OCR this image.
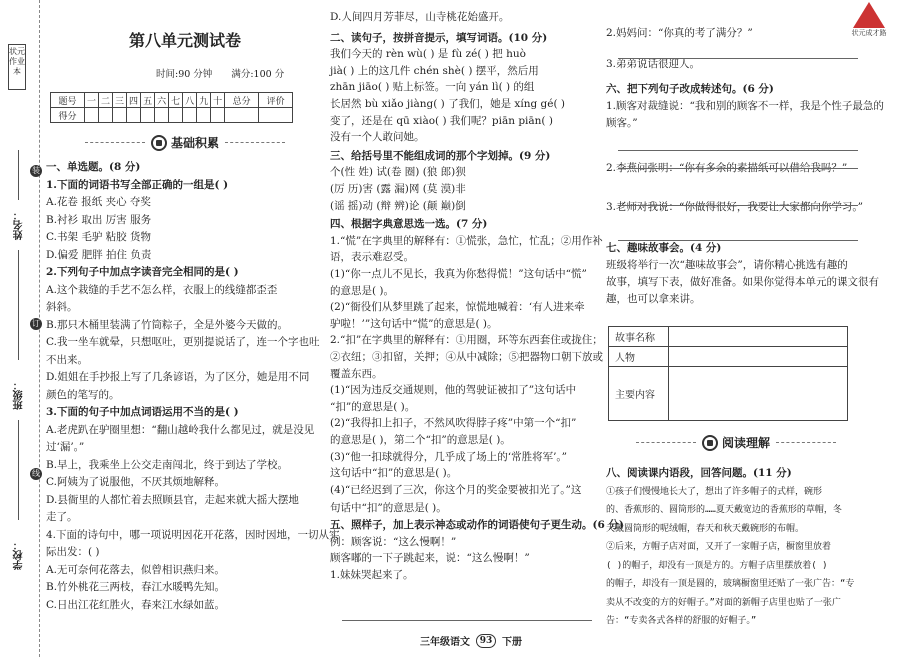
状元作业本
姓名：
班级：
学校：
装
订
线
第八单元测试卷
时间:90 分钟 满分:100 分
题号	一	二	三	四	五	六	七	八	九	十	总分	评价
得分												
基础积累
一、单选题。(8 分)
1.下面的词语书写全部正确的一组是( )
A.花卷 报纸 夹心 夺奖
B.衬衫 取出 厉害 服务
C.书架 毛驴 粘胶 货物
D.偏爱 肥胖 拍住 负责
2.下列句子中加点字读音完全相同的是( )
A.这个栽缝的手艺不怎么样，衣服上的线缝都歪歪
斜斜。
B.那只木桶里装满了竹筒粽子，全是外婆今天做的。
C.我一坐车就晕，只想呕吐，更别提说话了，连一个字也吐
不出来。
D.姐姐在手抄报上写了几条谚语，为了区分，她是用不同
颜色的笔写的。
3.下面的句子中加点词语运用不当的是( )
A.老虎趴在驴圈里想：“翻山越岭我什么都见过，就是没见
过‘漏’。”
B.早上，我乘坐上公交走南闯北，终于到达了学校。
C.阿姨为了说服他，不厌其烦地解释。
D.县衙里的人都忙着去照顾县官，走起来就大摇大摆地
走了。
4.下面的诗句中，哪一项说明因花开花落，因时因地，一切从实
际出发：( )
A.无可奈何花落去，似曾相识燕归来。
B.竹外桃花三两枝，春江水暖鸭先知。
C.日出江花红胜火，春来江水绿如蓝。
D.人间四月芳菲尽，山寺桃花始盛开。
二、读句子，按拼音提示，填写词语。(10 分)
我们今天的 rèn wù( ) 是 fù zé( ) 把 huò
jià( ) 上的这几件 chén shè( ) 摆平，然后用
zhān jiāo( ) 贴上标签。一向 yán lì( ) 的组
长居然 bù xiǎo jiàng( ) 了我们，她是 xíng gé( )
变了，还是在 qū xiào( ) 我们呢？piān piān( )
没有一个人敢问她。
三、给括号里不能组成词的那个字划掉。(9 分)
个(性 姓) 试(卷 圈) (狼 郎)狈
(厉 历)害 (露 漏)网 (莫 漠)非
(谣 摇)动 (辩 辨)论 (颠 巅)倒
四、根据字典意思选一选。(7 分)
1.“慌”在字典里的解释有：①慌张，急忙，忙乱；②用作补
语，表示难忍受。
(1)“你一点儿不见长，我真为你愁得慌！”这句话中“慌”
的意思是( )。
(2)“衙役们从梦里跳了起来，惊慌地喊着：‘有人进来牵
驴啦！’”这句话中“慌”的意思是( )。
2.“扣”在字典里的解释有：①用圈，环等东西套住或拢住；
②衣纽；③扣留，关押；④从中减除；⑤把器物口朝下放或
覆盖东西。
(1)“因为违反交通规则，他的驾驶证被扣了”这句话中
“扣”的意思是( )。
(2)“我得扣上扣子，不然风吹得脖子疼”中第一个“扣”
的意思是( )，第二个“扣”的意思是( )。
(3)“他一扣球就得分，几乎成了场上的‘常胜将军’。”
这句话中“扣”的意思是( )。
(4)“已经迟到了三次，你这个月的奖金要被扣光了。”这
句话中“扣”的意思是( )。
五、照样子，加上表示神态或动作的词语使句子更生动。(6 分)
例：顾客说：“这么慢啊！”
顾客嘟的一下子跳起来，说：“这么慢啊！”
1.妹妹哭起来了。
状元成才路
2.妈妈问：“你真的考了满分？”
3.弟弟说话很迎人。
六、把下列句子改成转述句。(6 分)
1.顾客对裁缝说：“我和别的顾客不一样，我是个性子最急的
顾客。”
2.李燕问张明：“你有多余的素描纸可以借给我吗？”
3.老师对我说：“你做得很好，我要让大家都向你学习。”
七、趣味故事会。(4 分)
班级将举行一次“趣味故事会”，请你精心挑选有趣的
故事，填写下表，做好准备。如果你觉得本单元的课文很有
趣，也可以拿来讲。
故事名称	
人物	
主要内容	
阅读理解
八、阅读课内语段，回答问题。(11 分)
①孩子们慢慢地长大了，想出了许多帽子的式样，碗形
的、香蕉形的、圆筒形的……夏天戴宽边的香蕉形的草帽，冬
天戴圆筒形的呢绒帽，春天和秋天戴碗形的布帽。
②后来，方帽子店对面，又开了一家帽子店，橱窗里放着
( )的帽子，却没有一顶是方的。方帽子店里摆放着( )
的帽子，却没有一顶是圆的，玻璃橱窗里还贴了一张广告：“专
卖从不改变的方的好帽子。”对面的新帽子店里也贴了一张广
告：“专卖各式各样的舒服的好帽子。”
三年级语文	93 下册
